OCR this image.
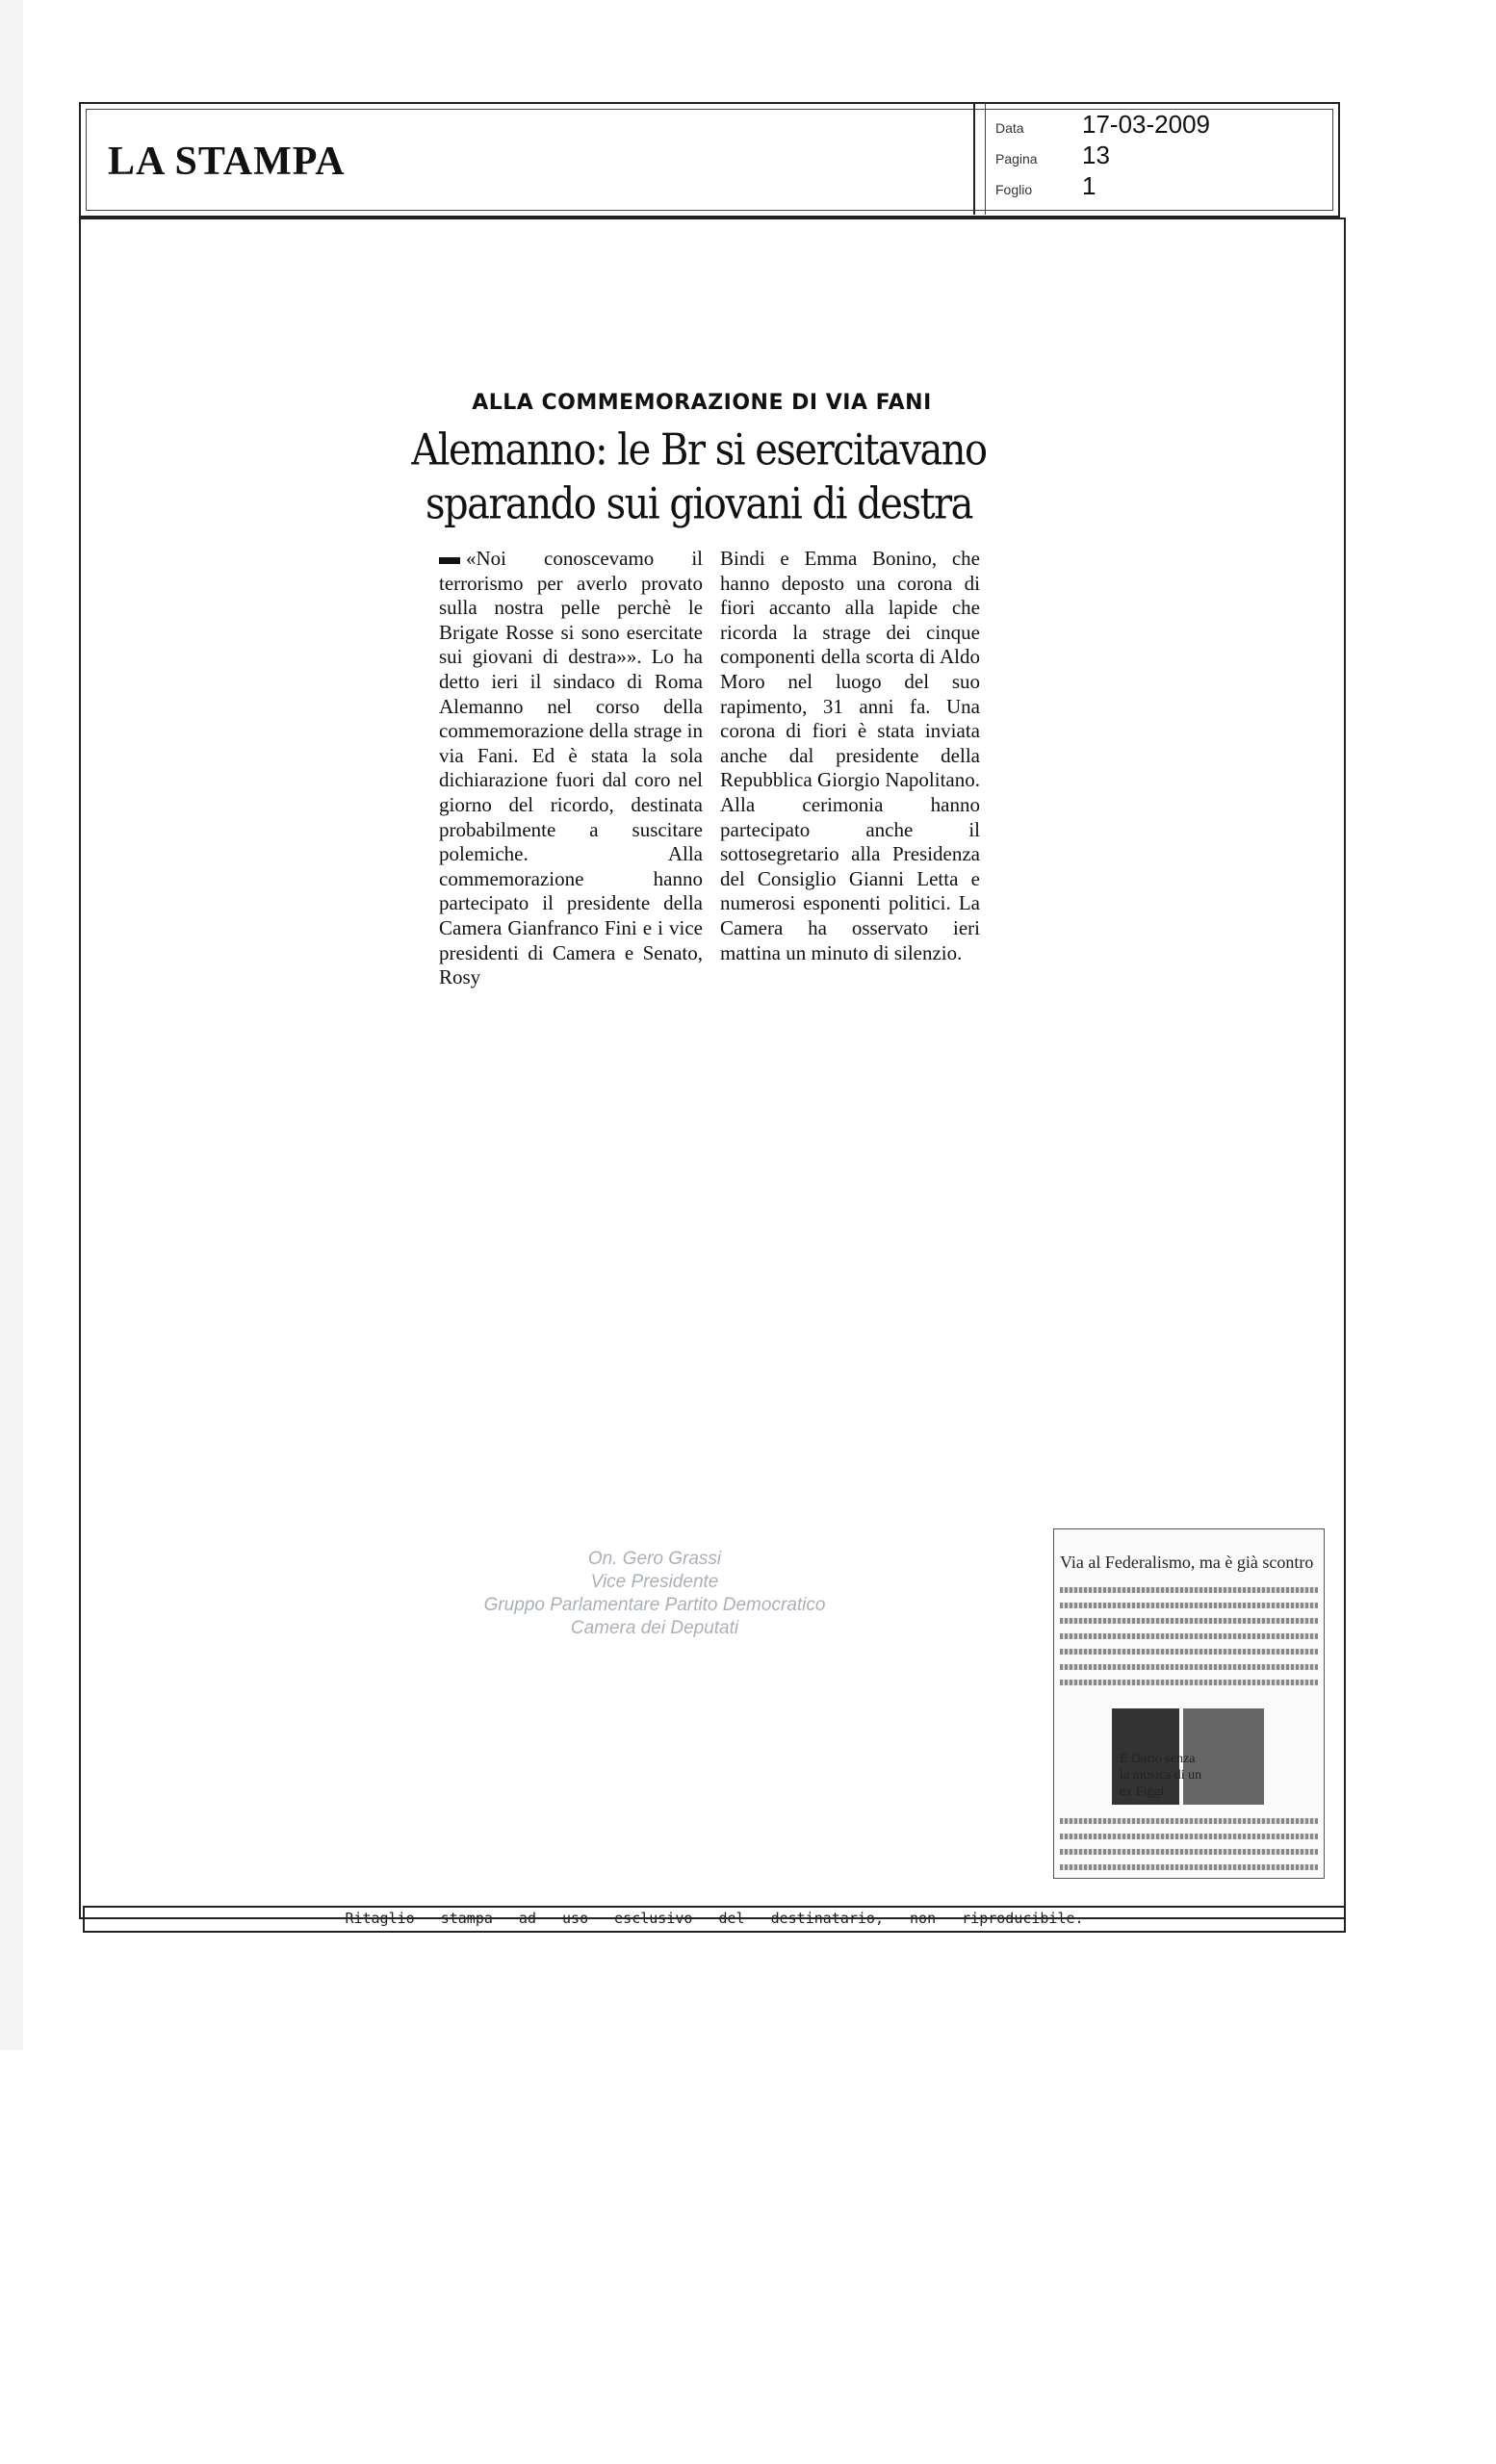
LA STAMPA
Data	17-03-2009
Pagina	13
Foglio	1
ALLA COMMEMORAZIONE DI VIA FANI
Alemanno: le Br si esercitavano
sparando sui giovani di destra
«Noi conoscevamo il terrorismo per averlo provato sulla nostra pelle perchè le Brigate Rosse si sono esercitate sui giovani di destra»». Lo ha detto ieri il sindaco di Roma Alemanno nel corso della commemorazione della strage in via Fani. Ed è stata la sola dichiarazione fuori dal coro nel giorno del ricordo, destinata probabilmente a suscitare polemiche. Alla commemorazione hanno partecipato il presidente della Camera Gianfranco Fini e i vice presidenti di Camera e Senato, Rosy
Bindi e Emma Bonino, che hanno deposto una corona di fiori accanto alla lapide che ricorda la strage dei cinque componenti della scorta di Aldo Moro nel luogo del suo rapimento, 31 anni fa. Una corona di fiori è stata inviata anche dal presidente della Repubblica Giorgio Napolitano. Alla cerimonia hanno partecipato anche il sottosegretario alla Presidenza del Consiglio Gianni Letta e numerosi esponenti politici. La Camera ha osservato ieri mattina un minuto di silenzio.
On. Gero Grassi
Vice Presidente
Gruppo Parlamentare Partito Democratico
Camera dei Deputati
Via al Federalismo, ma è già scontro
E Dario senza la musica di un ex Figgi
Ritaglio stampa ad uso esclusivo del destinatario, non riproducibile.
